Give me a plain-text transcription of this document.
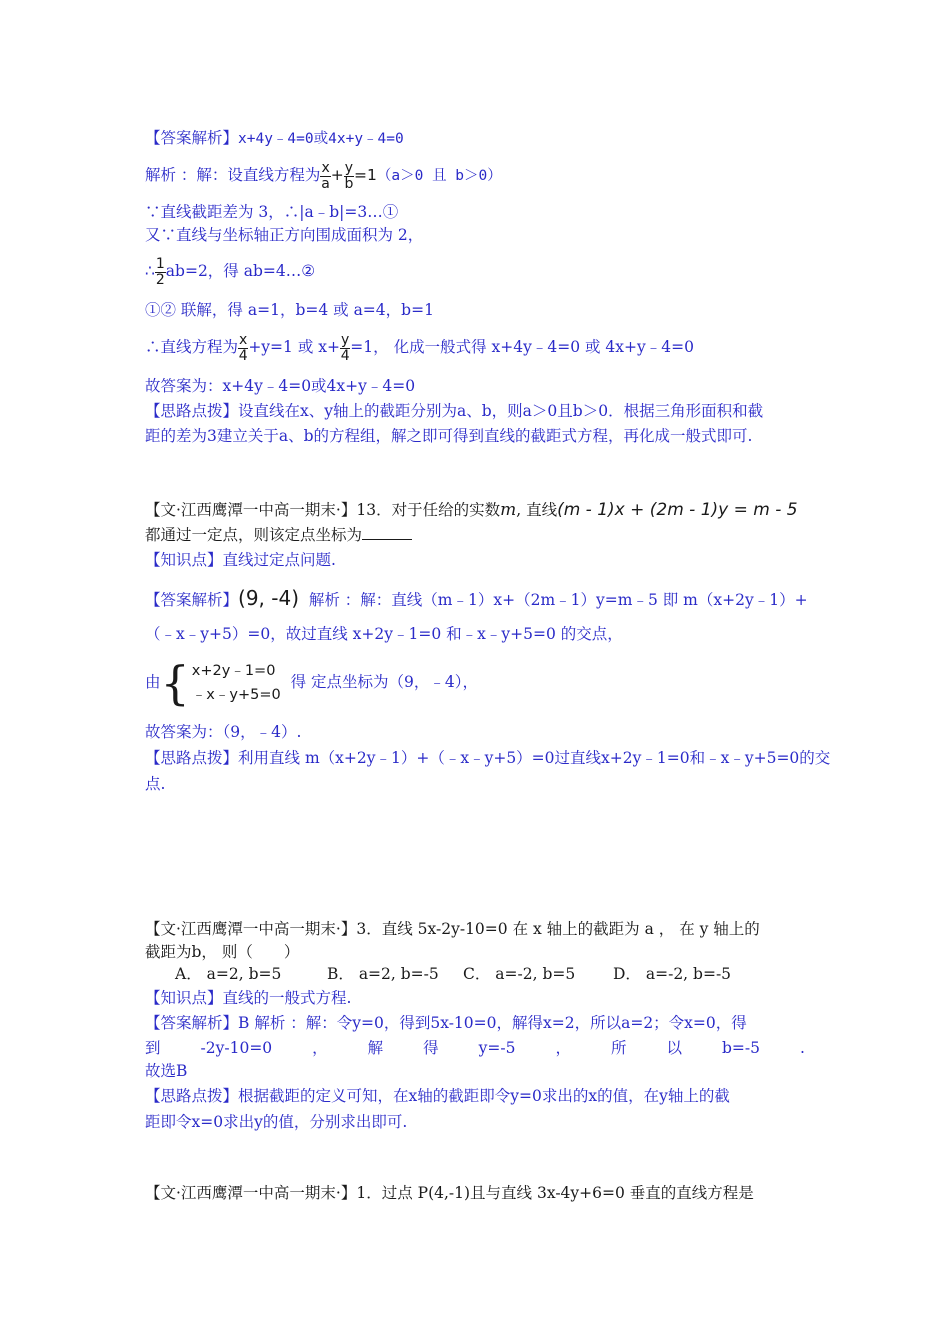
【答案解析】x+4y﹣4=0或4x+y﹣4=0
解析 ：解：设直线方程为 $\frac{x}{a} + \frac{y}{b} =1(a>0$ 且 b＞0）
∵直线截距差为 3，∴|a﹣b|=3…①
又∵直线与坐标轴正方向围成面积为 2，
∴ $\frac{1}{2} ab=2$，得 ab=4…②
①② 联解，得 a=1，b=4 或 a=4，b=1
∴直线方程为 $\frac{x}{4} +y=1$ 或 $x+ \frac{y}{4} =1$， 化成一般式得 x+4y﹣4=0 或 4x+y﹣4=0
故答案为：x+4y﹣4=0或4x+y﹣4=0
【思路点拨】设直线在x、y轴上的截距分别为a、b，则a＞0且b＞0．根据三角形面积和截
距的差为3建立关于a、b的方程组，解之即可得到直线的截距式方程，再化成一般式即可.
【文·江西鹰潭一中高一期末·】13．对于任给的实数m, 直线(m - 1)x + (2m - 1)y = m - 5
都通过一定点，则该定点坐标为
【知识点】直线过定点问题.
【答案解析】(9, -4) 解析 ：解：直线（m﹣1）x+（2m﹣1）y=m﹣5 即 m（x+2y﹣1）+
（﹣x﹣y+5）=0，故过直线 x+2y﹣1=0 和﹣x﹣y+5=0 的交点，
由{ x+2y﹣1=0
﹣x﹣y+5=0
得 定点坐标为（9，﹣4），
故答案为：（9，﹣4）.
【思路点拨】利用直线 m（x+2y﹣1）+（﹣x﹣y+5）=0过直线x+2y﹣1=0和﹣x﹣y+5=0的交
点.
【文·江西鹰潭一中高一期末·】3．直线 5x-2y-10=0 在 x 轴上的截距为 a ， 在 y 轴上的
截距为b， 则（　　）
A． a=2, b=5	B． a=2, b=-5 C． a=-2, b=5 D． a=-2, b=-5
【知识点】直线的一般式方程.
【答案解析】B 解析 ：解：令y=0，得到5x-10=0，解得x=2，所以a=2；令x=0，得
到	-2y-10=0	，	解	得	y=-5	，	所	以	b=-5	.
故选B
【思路点拨】根据截距的定义可知，在x轴的截距即令y=0求出的x的值，在y轴上的截
距即令x=0求出y的值，分别求出即可.
【文·江西鹰潭一中高一期末·】1．过点 P(4,-1)且与直线 3x-4y+6=0 垂直的直线方程是
